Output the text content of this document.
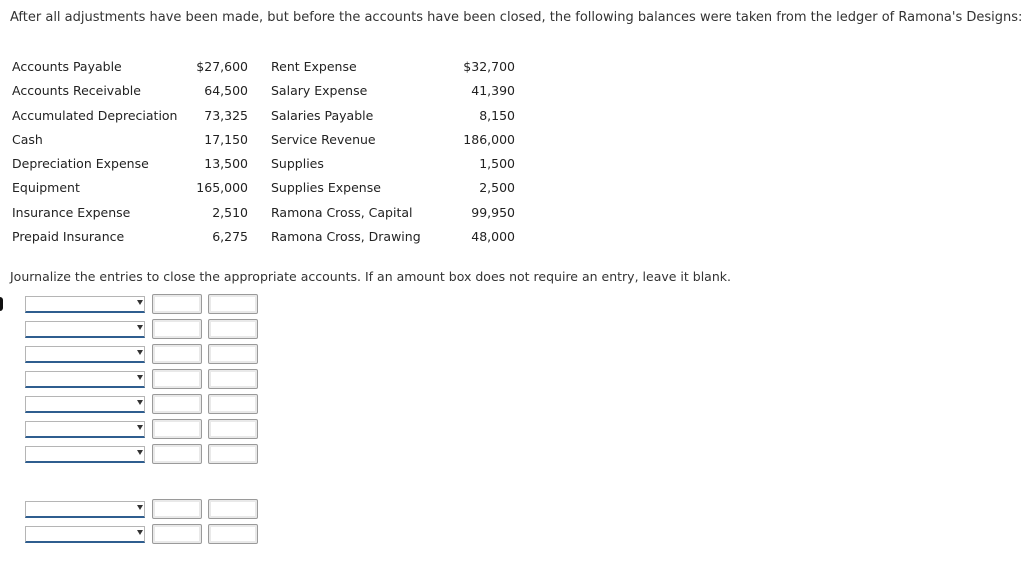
After all adjustments have been made, but before the accounts have been closed, the following balances were taken from the ledger of Ramona's Designs:
Accounts Payable	$27,600 Rent Expense	$32,700
Accounts Receivable	64,500 Salary Expense	41,390
Accumulated Depreciation	73,325 Salaries Payable	8,150
Cash	17,150 Service Revenue	186,000
Depreciation Expense	13,500 Supplies	1,500
Equipment	165,000 Supplies Expense	2,500
Insurance Expense	2,510 Ramona Cross, Capital	99,950
Prepaid Insurance	6,275 Ramona Cross, Drawing	48,000
Journalize the entries to close the appropriate accounts. If an amount box does not require an entry, leave it blank.
